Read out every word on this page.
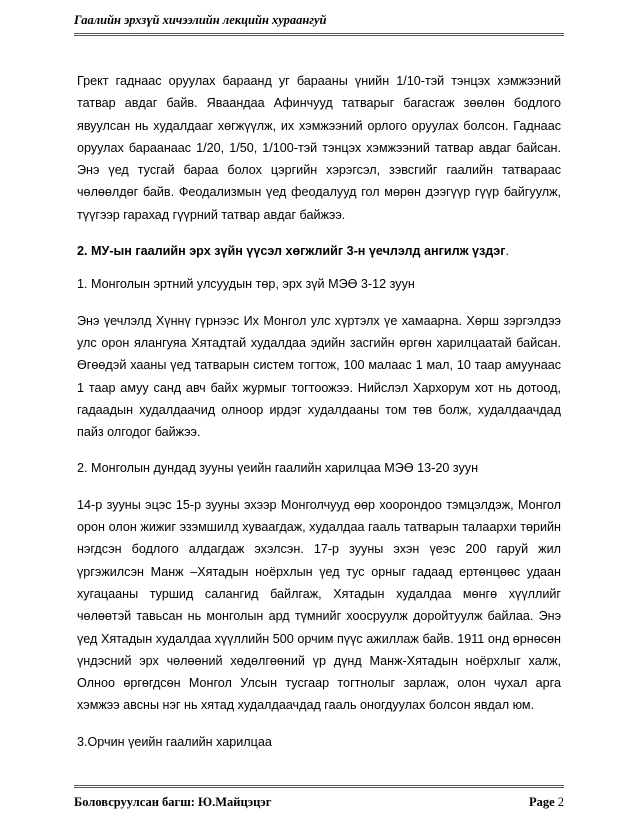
Гаалийн эрхзүй хичээлийн лекцийн хураангуй

Грект гаднаас оруулах бараанд уг барааны үнийн 1/10-тэй тэнцэх хэмжээний татвар авдаг байв. Яваандаа Афинчууд татварыг багасгаж зөөлөн бодлого явуулсан нь худалдааг хөгжүүлж, их хэмжээний орлого оруулах болсон. Гаднаас оруулах бараанаас 1/20, 1/50, 1/100-тэй тэнцэх хэмжээний татвар авдаг байсан. Энэ үед тусгай бараа болох цэргийн хэрэгсэл, зэвсгийг гаалийн татвараас чөлөөлдөг байв. Феодализмын үед феодалууд гол мөрөн дээгүүр гүүр байгуулж, түүгээр гарахад гүүрний татвар авдаг байжээ.

2. МУ-ын гаалийн эрх зүйн үүсэл хөгжлийг 3-н үечлэлд ангилж үздэг.

1. Монголын эртний улсуудын төр, эрх зүй МЭӨ 3-12 зуун

Энэ үечлэлд Хүннү гүрнээс Их Монгол улс хүртэлх үе хамаарна. Хөрш зэргэлдээ улс орон ялангуяа Хятадтай худалдаа эдийн засгийн өргөн харилцаатай байсан. Өгөөдэй хааны үед татварын систем тогтож, 100 малаас 1 мал, 10 таар амуунаас 1 таар амуу санд авч байх журмыг тогтоожээ. Нийслэл Хархорум хот нь дотоод, гадаадын худалдаачид олноор ирдэг худалдааны том төв болж, худалдаачдад пайз олгодог байжээ.

2. Монголын дундад зууны үеийн гаалийн харилцаа МЭӨ 13-20 зуун

14-р зууны эцэс 15-р зууны эхээр Монголчууд өөр хоорондоо тэмцэлдэж, Монгол орон олон жижиг эзэмшилд хуваагдаж, худалдаа гааль татварын талаархи төрийн нэгдсэн бодлого алдагдаж эхэлсэн. 17-р зууны эхэн үеэс 200 гаруй жил үргэжилсэн Манж –Хятадын ноёрхлын үед тус орныг гадаад ертөнцөөс удаан хугацааны туршид салангид байлгаж, Хятадын худалдаа мөнгө хүүллийг чөлөөтэй тавьсан нь монголын ард түмнийг хоосруулж доройтуулж байлаа. Энэ үед Хятадын худалдаа хүүллийн 500 орчим пүүс ажиллаж байв. 1911 онд өрнөсөн үндэсний эрх чөлөөний хөдөлгөөний үр дүнд Манж-Хятадын ноёрхлыг халж, Олноо өргөгдсөн Монгол Улсын тусгаар тогтнолыг зарлаж, олон чухал арга хэмжээ авсны нэг нь хятад худалдаачдад гааль оногдуулах болсон явдал юм.

3.Орчин үеийн гаалийн харилцаа

Боловсруулсан багш: Ю.Майцэцэг	Page 2
